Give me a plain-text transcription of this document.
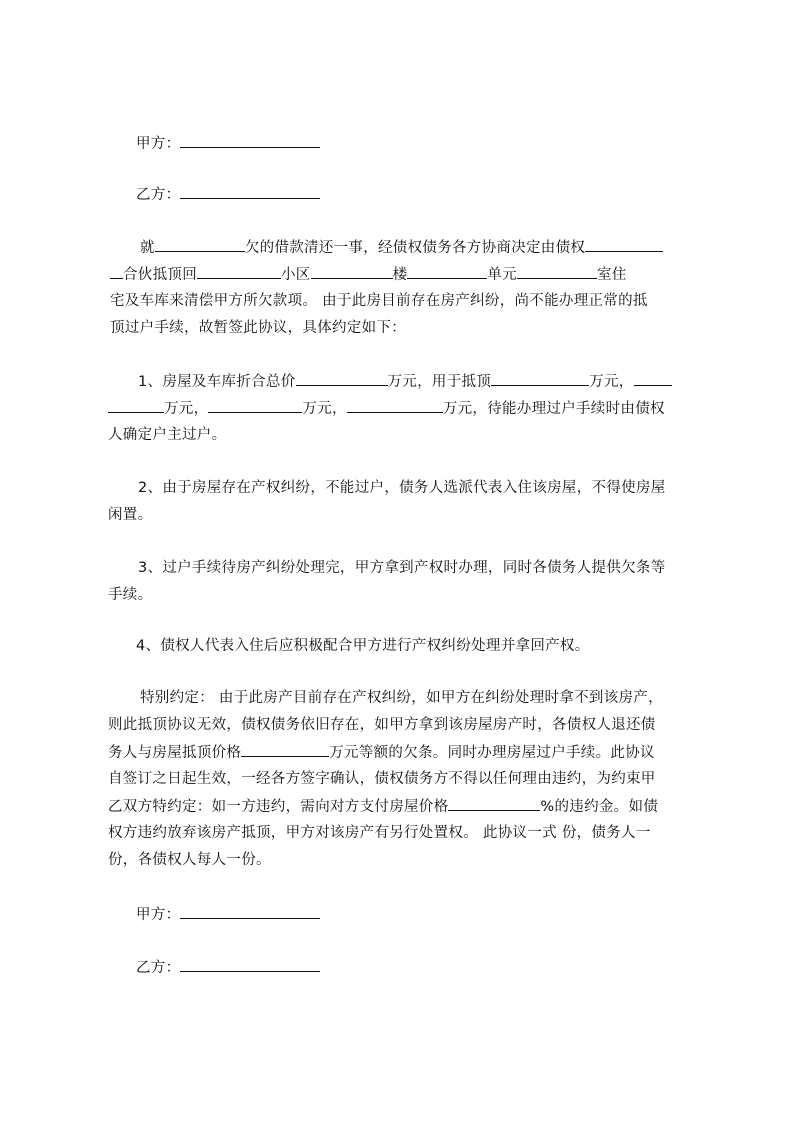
甲方：
乙方：
就	欠的借款清还一事，经债权债务各方协商决定由债权
合伙抵顶回	小区	楼	单元	室住
宅及车库来清偿甲方所欠款项。 由于此房目前存在房产纠纷，尚不能办理正常的抵
顶过户手续，故暂签此协议，具体约定如下：
1、房屋及车库折合总价	万元，用于抵顶	万元，
万元，	万元，	万元，待能办理过户手续时由债权
人确定户主过户。
2、由于房屋存在产权纠纷，不能过户，债务人选派代表入住该房屋，不得使房屋
闲置。
3、过户手续待房产纠纷处理完，甲方拿到产权时办理，同时各债务人提供欠条等
手续。
4、债权人代表入住后应积极配合甲方进行产权纠纷处理并拿回产权。
特别约定： 由于此房产目前存在产权纠纷，如甲方在纠纷处理时拿不到该房产，
则此抵顶协议无效，债权债务依旧存在，如甲方拿到该房屋房产时，各债权人退还债
务人与房屋抵顶价格	万元等额的欠条。同时办理房屋过户手续。此协议
自签订之日起生效，一经各方签字确认，债权债务方不得以任何理由违约，为约束甲
乙双方特约定：如一方违约，需向对方支付房屋价格	%的违约金。如债
权方违约放弃该房产抵顶，甲方对该房产有另行处置权。 此协议一式 份，债务人一
份，各债权人每人一份。
甲方：
乙方：
